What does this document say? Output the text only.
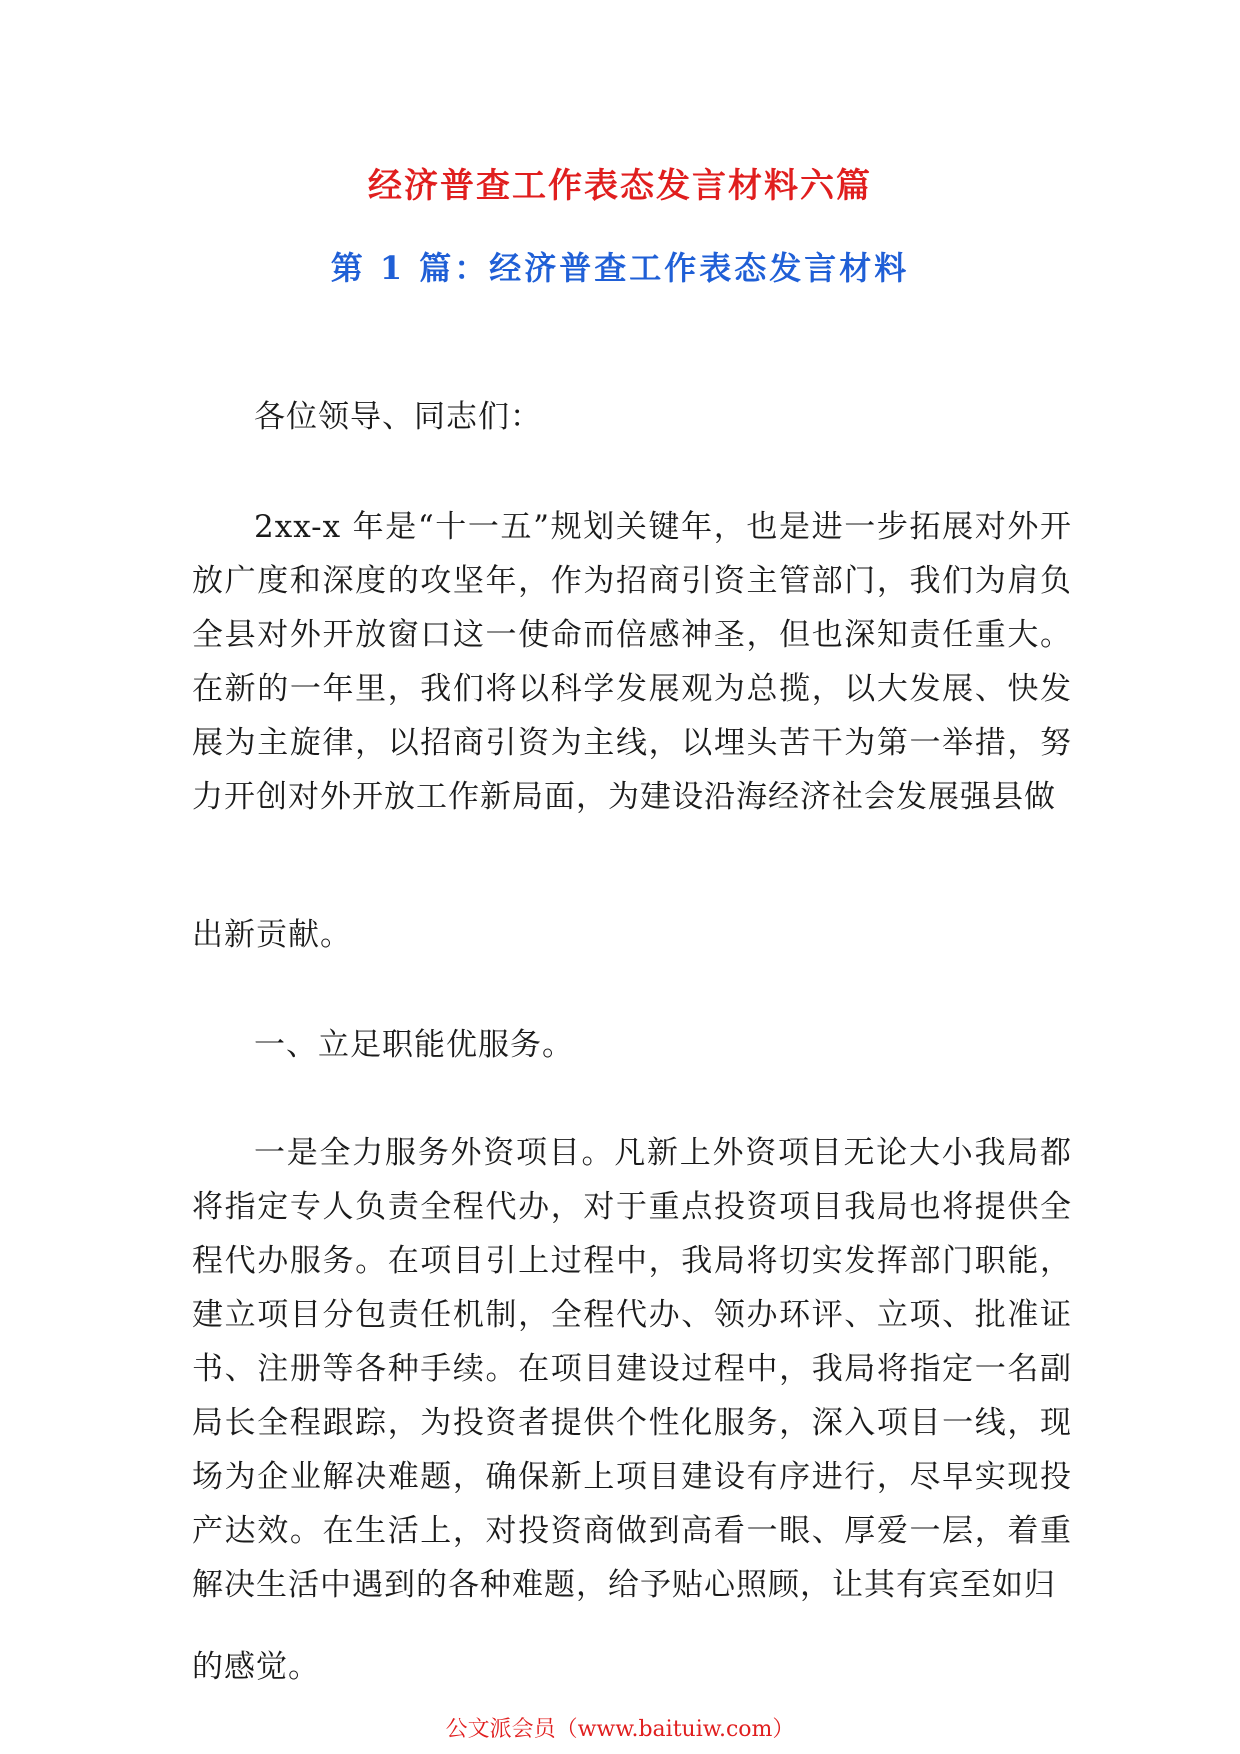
经济普查工作表态发言材料六篇
第 1 篇：经济普查工作表态发言材料

各位领导、同志们：

2xx-x 年是“十一五”规划关键年，也是进一步拓展对外开放广度和深度的攻坚年，作为招商引资主管部门，我们为肩负全县对外开放窗口这一使命而倍感神圣，但也深知责任重大。 在新的一年里，我们将以科学发展观为总揽，以大发展、快发 展为主旋律，以招商引资为主线，以埋头苦干为第一举措，努 力开创对外开放工作新局面，为建设沿海经济社会发展强县做

出新贡献。

一、立足职能优服务。

一是全力服务外资项目。凡新上外资项目无论大小我局都将指定专人负责全程代办，对于重点投资项目我局也将提供全程代办服务。在项目引上过程中，我局将切实发挥部门职能，建立项目分包责任机制，全程代办、领办环评、立项、批准证书、注册等各种手续。在项目建设过程中，我局将指定一名副局长全程跟踪，为投资者提供个性化服务，深入项目一线，现场为企业解决难题，确保新上项目建设有序进行，尽早实现投产达效。在生活上，对投资商做到高看一眼、厚爱一层，着重解决生活中遇到的各种难题，给予贴心照顾，让其有宾至如归

的感觉。

公文派会员（www.baituiw.com）
